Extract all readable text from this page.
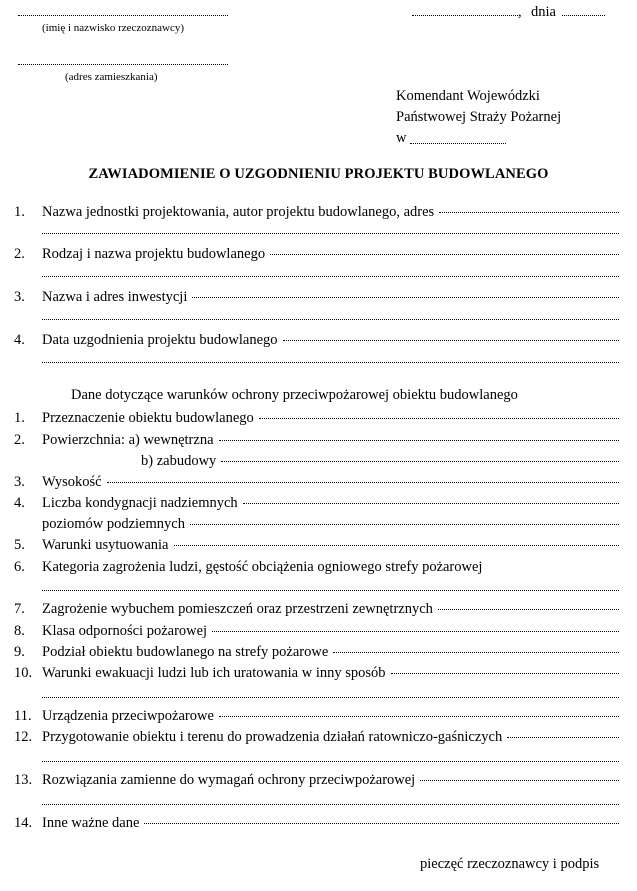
(imię i nazwisko rzeczoznawcy)
, dnia
(adres zamieszkania)
Komendant Wojewódzki
Państwowej Straży Pożarnej
w
ZAWIADOMIENIE O UZGODNIENIU PROJEKTU BUDOWLANEGO
1.	Nazwa jednostki projektowania, autor projektu budowlanego, adres
2.	Rodzaj i nazwa projektu budowlanego
3.	Nazwa i adres inwestycji
4.	Data uzgodnienia projektu budowlanego
Dane dotyczące warunków ochrony przeciwpożarowej obiektu budowlanego
1.	Przeznaczenie obiektu budowlanego
2.	Powierzchnia: a) wewnętrzna
b) zabudowy
3.	Wysokość
4.	Liczba kondygnacji nadziemnych
poziomów podziemnych
5.	Warunki usytuowania
6.	Kategoria zagrożenia ludzi, gęstość obciążenia ogniowego strefy pożarowej
7.	Zagrożenie wybuchem pomieszczeń oraz przestrzeni zewnętrznych
8.	Klasa odporności pożarowej
9.	Podział obiektu budowlanego na strefy pożarowe
10. Warunki ewakuacji ludzi lub ich uratowania w inny sposób
11. Urządzenia przeciwpożarowe
12. Przygotowanie obiektu i terenu do prowadzenia działań ratowniczo-gaśniczych
13. Rozwiązania zamienne do wymagań ochrony przeciwpożarowej
14. Inne ważne dane
pieczęć rzeczoznawcy i podpis
